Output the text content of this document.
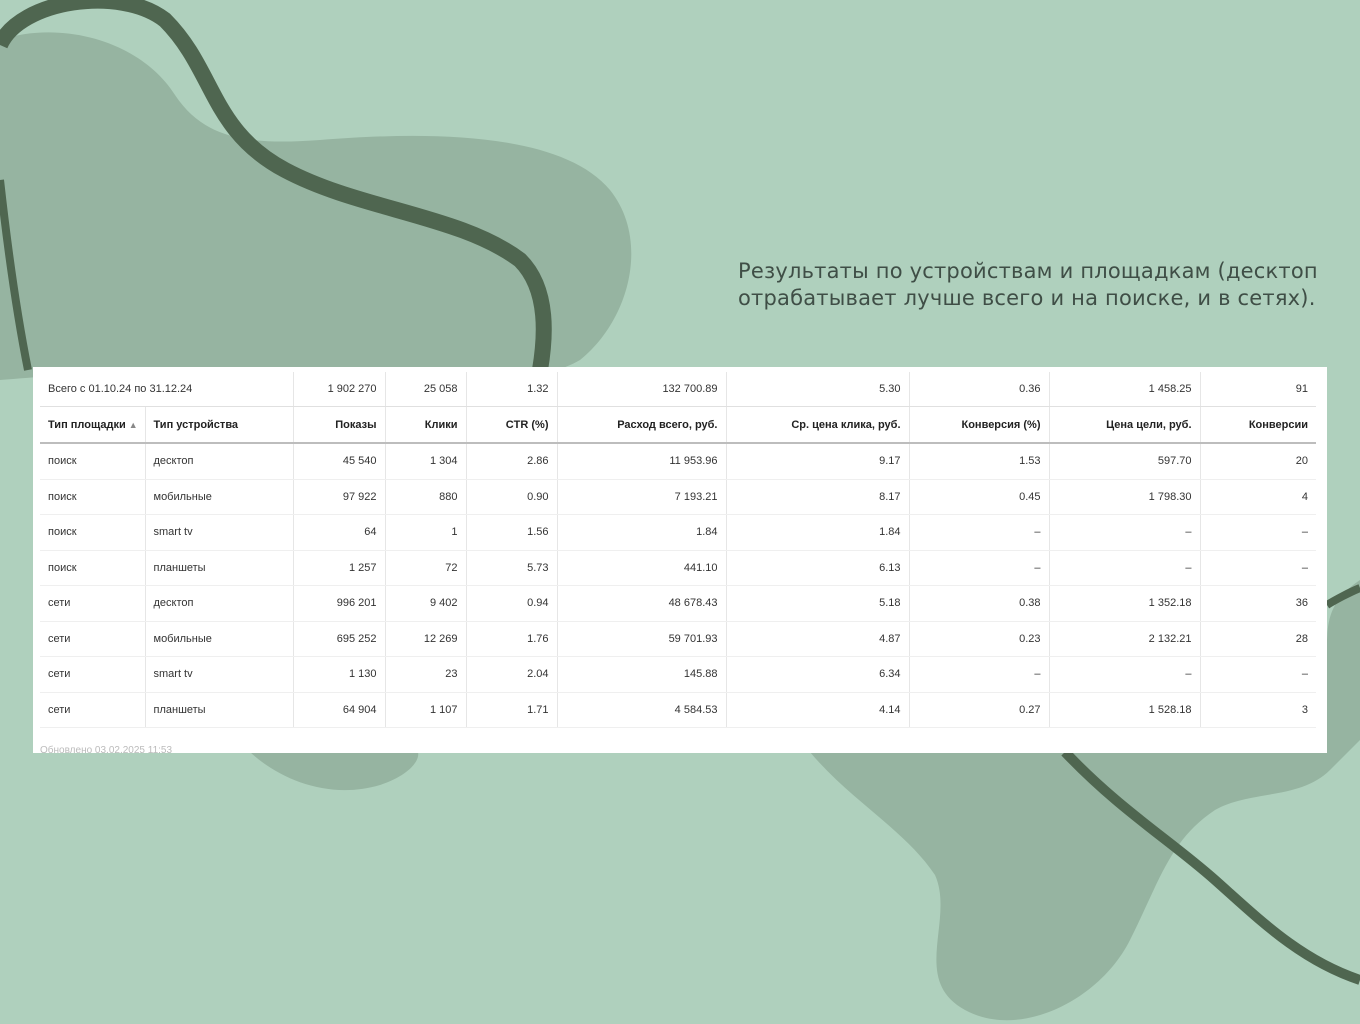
Результаты по устройствам и площадкам (десктоп
отрабатывает лучше всего и на поиске, и в сетях).
Всего с 01.10.24 по 31.12.24		1 902 270	25 058	1.32	132 700.89	5.30	0.36	1 458.25	91
Тип площадки ▲	Тип устройства	Показы	Клики	CTR (%)	Расход всего, руб.	Ср. цена клика, руб.	Конверсия (%)	Цена цели, руб.	Конверсии
поиск	десктоп	45 540	1 304	2.86	11 953.96	9.17	1.53	597.70	20
поиск	мобильные	97 922	880	0.90	7 193.21	8.17	0.45	1 798.30	4
поиск	smart tv	64	1	1.56	1.84	1.84	–	–	–
поиск	планшеты	1 257	72	5.73	441.10	6.13	–	–	–
сети	десктоп	996 201	9 402	0.94	48 678.43	5.18	0.38	1 352.18	36
сети	мобильные	695 252	12 269	1.76	59 701.93	4.87	0.23	2 132.21	28
сети	smart tv	1 130	23	2.04	145.88	6.34	–	–	–
сети	планшеты	64 904	1 107	1.71	4 584.53	4.14	0.27	1 528.18	3
Обновлено 03.02.2025 11:53
